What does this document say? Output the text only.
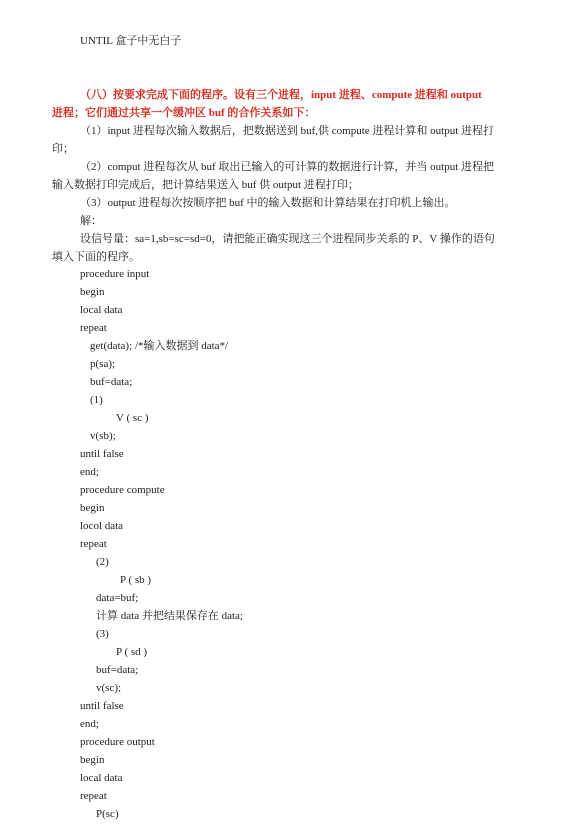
UNTIL 盒子中无白子
（八）按要求完成下面的程序。设有三个进程，input 进程、compute 进程和 output
进程；它们通过共享一个缓冲区 buf 的合作关系如下：
（1）input 进程每次输入数据后，把数据送到 buf,供 compute 进程计算和 output 进程打
印；
（2）comput 进程每次从 buf 取出已输入的可计算的数据进行计算，并当 output 进程把
输入数据打印完成后，把计算结果送入 buf 供 output 进程打印；
（3）output 进程每次按顺序把 buf 中的输入数据和计算结果在打印机上输出。
解：
设信号量：sa=1,sb=sc=sd=0，请把能正确实现这三个进程同步关系的 P、V 操作的语句
填入下面的程序。
procedure input
begin
local data
repeat
get(data); /*输入数据到 data*/
p(sa);
buf=data;
(1)
V ( sc )
v(sb);
until false
end;
procedure compute
begin
locol data
repeat
(2)
P ( sb )
data=buf;
计算 data 并把结果保存在 data;
(3)
P ( sd )
buf=data;
v(sc);
until false
end;
procedure output
begin
local data
repeat
P(sc)
